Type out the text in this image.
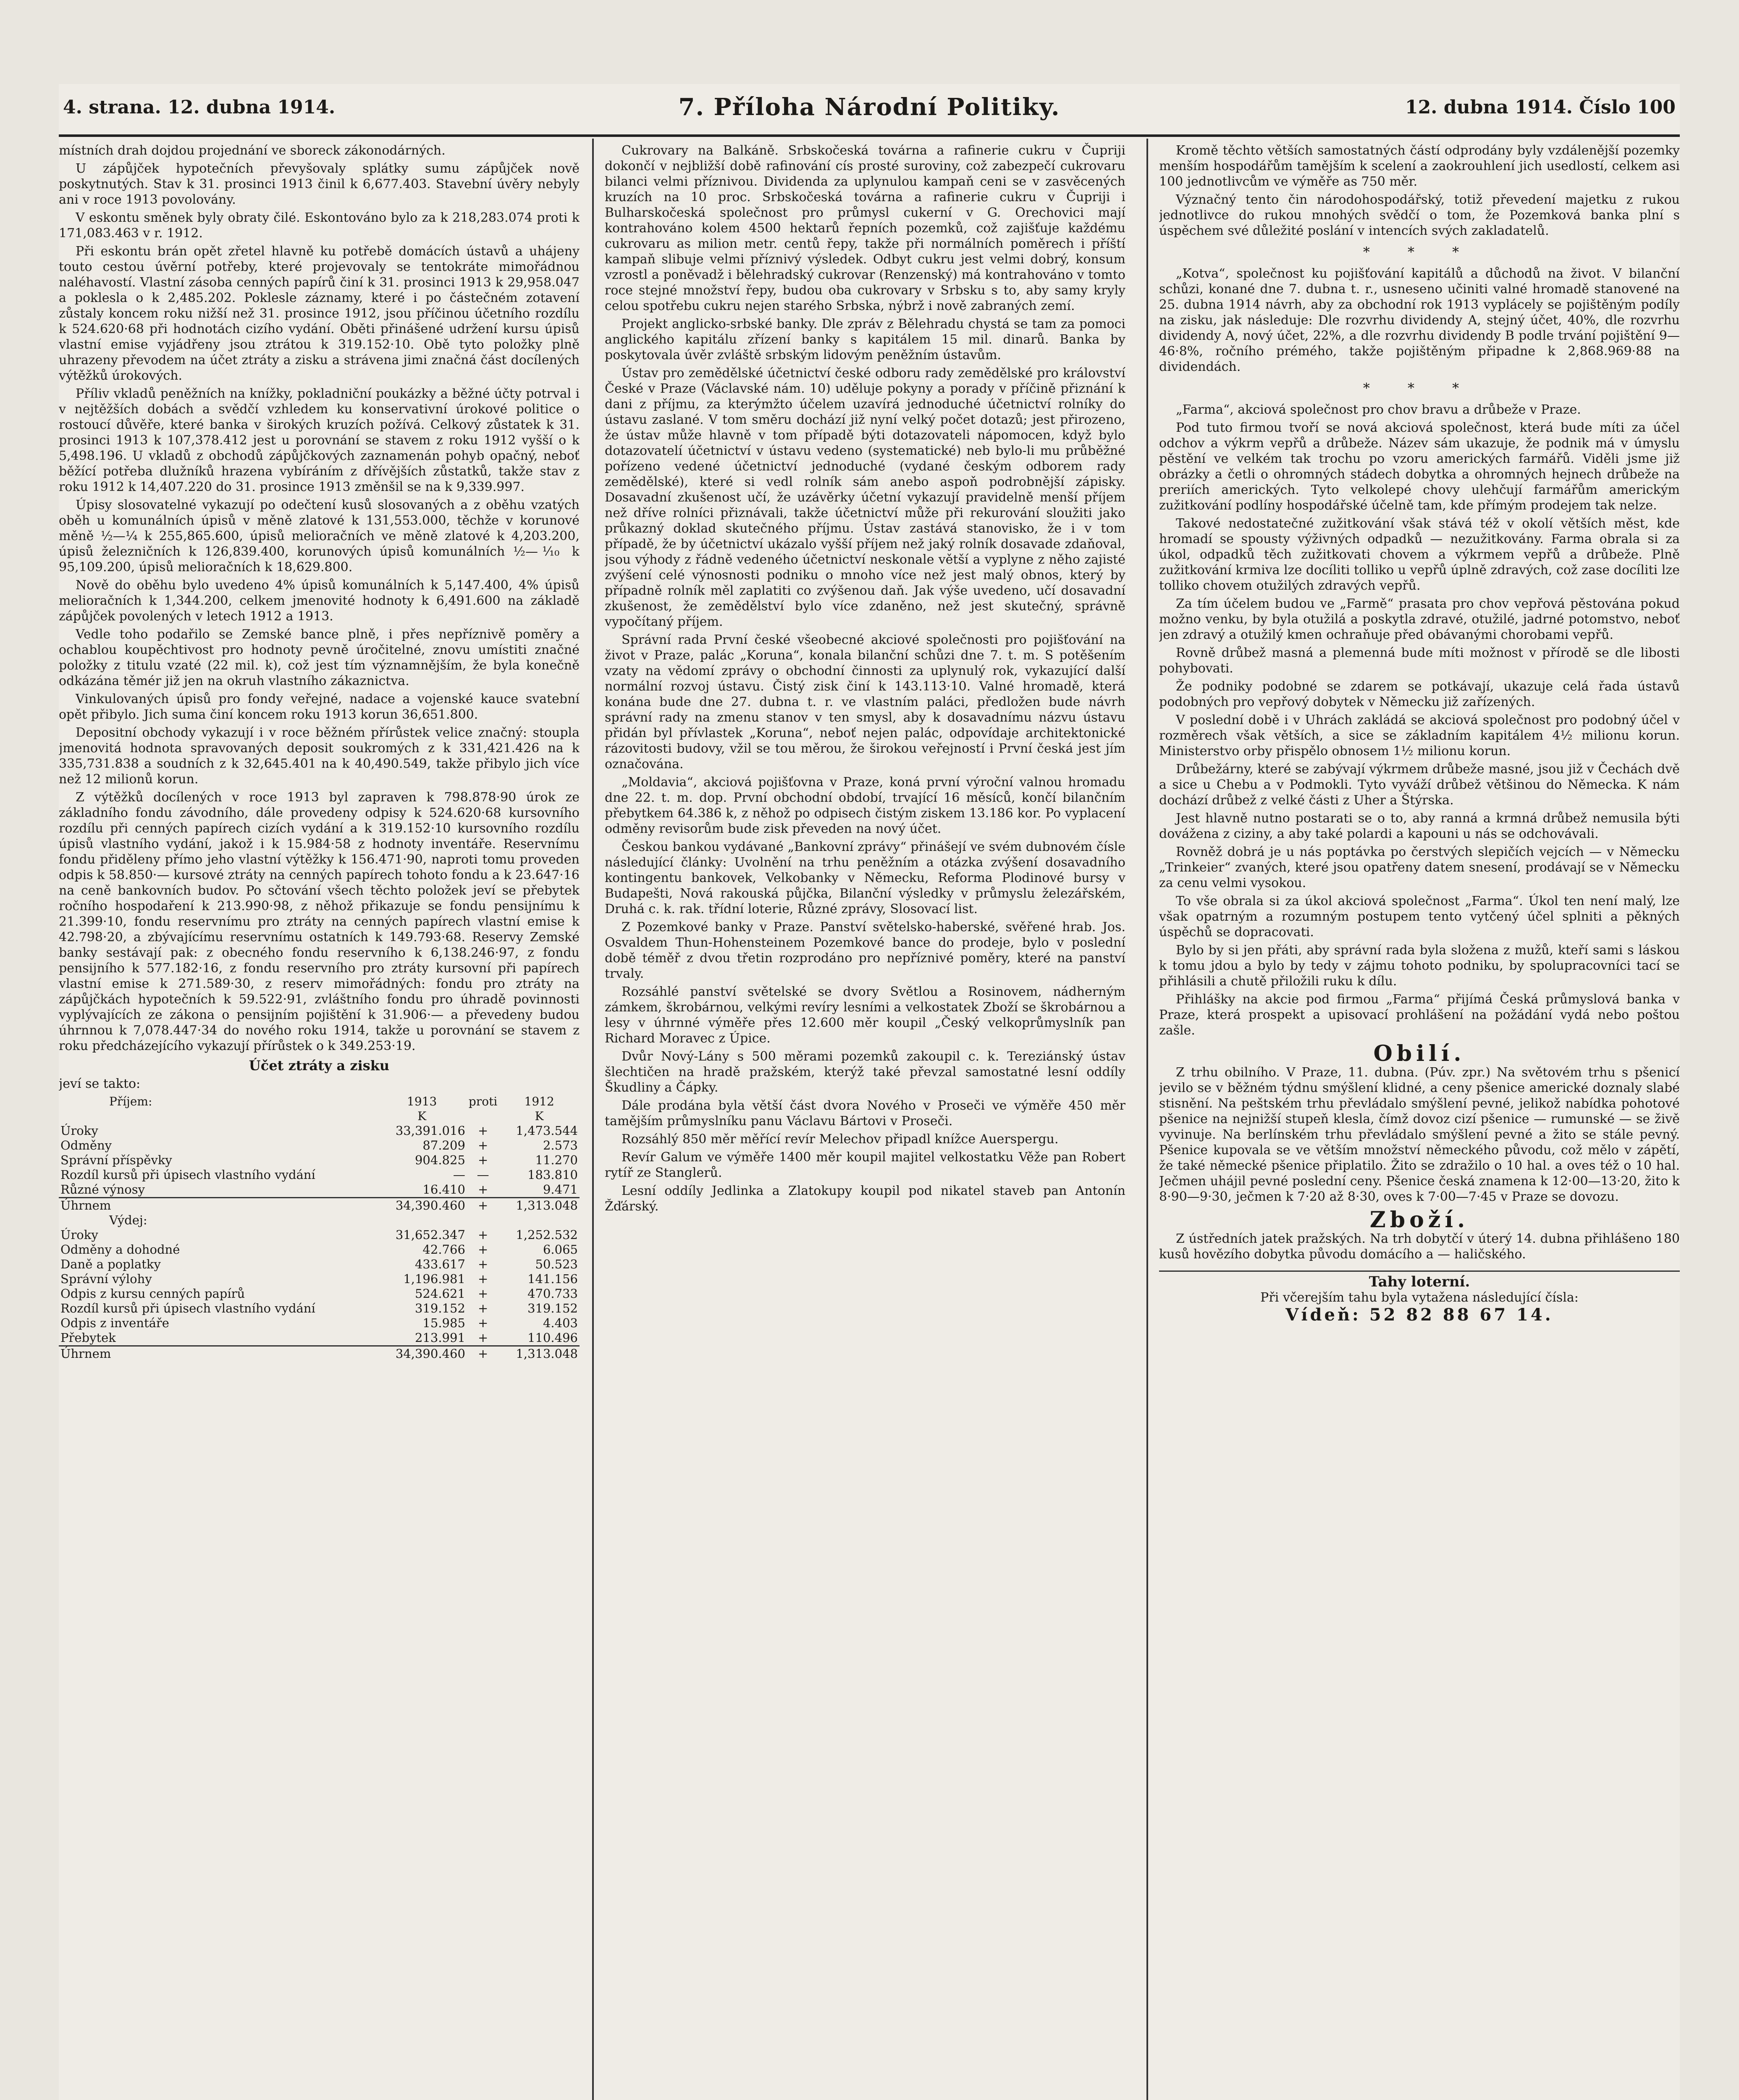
4. strana. 12. dubna 1914.	7. Příloha Národní Politiky.	12. dubna 1914. Číslo 100

místních drah dojdou projednání ve sboreck zákonodárných.

U zápůjček hypotečních převyšovaly splátky sumu zápůjček nově poskytnutých. Stav k 31. prosinci 1913 činil k 6,677.403. Stavební úvěry nebyly ani v roce 1913 povolovány.

V eskontu směnek byly obraty čilé. Eskontováno bylo za k 218,283.074 proti k 171,083.463 v r. 1912.

Při eskontu brán opět zřetel hlavně ku potřebě domácích ústavů a uhájeny touto cestou úvěrní potřeby, které projevovaly se tentokráte mimořádnou naléhavostí. Vlastní zásoba cenných papírů činí k 31. prosinci 1913 k 29,958.047 a poklesla o k 2,485.202. Poklesle záznamy, které i po částečném zotavení zůstaly koncem roku nižší než 31. prosince 1912, jsou příčinou účetního rozdílu k 524.620·68 při hodnotách cizího vydání. Oběti přinášené udržení kursu úpisů vlastní emise vyjádřeny jsou ztrátou k 319.152·10. Obě tyto položky plně uhrazeny převodem na účet ztráty a zisku a strávena jimi značná část docílených výtěžků úrokových.

Příliv vkladů peněžních na knížky, pokladniční poukázky a běžné účty potrval i v nejtěžších dobách a svědčí vzhledem ku konservativní úrokové politice o rostoucí důvěře, které banka v širokých kruzích požívá. Celkový zůstatek k 31. prosinci 1913 k 107,378.412 jest u porovnání se stavem z roku 1912 vyšší o k 5,498.196. U vkladů z obchodů zápůjčkových zaznamenán pohyb opačný, neboť běžící potřeba dlužníků hrazena vybíráním z dřívějších zůstatků, takže stav z roku 1912 k 14,407.220 do 31. prosince 1913 změnšil se na k 9,339.997.

Úpisy slosovatelné vykazují po odečtení kusů slosovaných a z oběhu vzatých oběh u komunálních úpisů v měně zlatové k 131,553.000, těchže v korunové měně ½—¼ k 255,865.600, úpisů melioračních ve měně zlatové k 4,203.200, úpisů železničních k 126,839.400, korunových úpisů komunálních ½—⅒ k 95,109.200, úpisů melioračních k 18,629.800.

Nově do oběhu bylo uvedeno 4% úpisů komunálních k 5,147.400, 4% úpisů melioračních k 1,344.200, celkem jmenovité hodnoty k 6,491.600 na základě zápůjček povolených v letech 1912 a 1913.

Vedle toho podařilo se Zemské bance plně, i přes nepříznivě poměry a ochablou koupěchtivost pro hodnoty pevně úročitelné, znovu umístiti značné položky z titulu vzaté (22 mil. k), což jest tím významnějším, že byla konečně odkázána těmér již jen na okruh vlastního zákaznictva.

Vinkulovaných úpisů pro fondy veřejné, nadace a vojenské kauce svatební opět přibylo. Jich suma činí koncem roku 1913 korun 36,651.800.

Depositní obchody vykazují i v roce běžném přírůstek velice značný: stoupla jmenovitá hodnota spravovaných deposit soukromých z k 331,421.426 na k 335,731.838 a soudních z k 32,645.401 na k 40,490.549, takže přibylo jich více než 12 milionů korun.

Z výtěžků docílených v roce 1913 byl zapraven k 798.878·90 úrok ze základního fondu závodního, dále provedeny odpisy k 524.620·68 kursovního rozdílu při cenných papírech cizích vydání a k 319.152·10 kursovního rozdílu úpisů vlastního vydání, jakož i k 15.984·58 z hodnoty inventáře. Reservnímu fondu přiděleny přímo jeho vlastní výtěžky k 156.471·90, naproti tomu proveden odpis k 58.850·— kursové ztráty na cenných papírech tohoto fondu a k 23.647·16 na ceně bankovních budov. Po sčtování všech těchto položek jeví se přebytek ročního hospodaření k 213.990·98, z něhož přikazuje se fondu pensijnímu k 21.399·10, fondu reservnímu pro ztráty na cenných papírech vlastní emise k 42.798·20, a zbývajícímu reservnímu ostatních k 149.793·68. Reservy Zemské banky sestávají pak: z obecného fondu reservního k 6,138.246·97, z fondu pensijního k 577.182·16, z fondu reservního pro ztráty kursovní při papírech vlastní emise k 271.589·30, z reserv mimořádných: fondu pro ztráty na zápůjčkách hypotečních k 59.522·91, zvláštního fondu pro úhradě povinnosti vyplývajících ze zákona o pensijním pojištění k 31.906·— a převedeny budou úhrnnou k 7,078.447·34 do nového roku 1914, takže u porovnání se stavem z roku předcházejícího vykazují přírůstek o k 349.253·19.

Účet ztráty a zisku

jeví se takto:

Příjem:	1913
K	proti	1912
K
Úroky	33,391.016	+	1,473.544
Odměny	87.209	+	2.573
Správní příspěvky	904.825	+	11.270
Rozdíl kursů při úpisech vlastního vydání	—	—	183.810
Různé výnosy	16.410	+	9.471
Úhrnem	34,390.460	+	1,313.048
Výdej:			
Úroky	31,652.347	+	1,252.532
Odměny a dohodné	42.766	+	6.065
Daně a poplatky	433.617	+	50.523
Správní výlohy	1,196.981	+	141.156
Odpis z kursu cenných papírů	524.621	+	470.733
Rozdíl kursů při úpisech vlastního vydání	319.152	+	319.152
Odpis z inventáře	15.985	+	4.403
Přebytek	213.991	+	110.496
Úhrnem	34,390.460	+	1,313.048

Cukrovary na Balkáně. Srbskočeská továrna a rafinerie cukru v Čupriji dokončí v nejbližší době rafinování cís prosté suroviny, což zabezpečí cukrovaru bilanci velmi příznivou. Dividenda za uplynulou kampaň ceni se v zasvěcených kruzích na 10 proc. Srbskočeská továrna a rafinerie cukru v Čupriji i Bulharskočeská společnost pro průmysl cukerní v G. Orechovici mají kontrahováno kolem 4500 hektarů řepních pozemků, což zajišťuje každému cukrovaru as milion metr. centů řepy, takže při normálních poměrech i příští kampaň slibuje velmi příznivý výsledek. Odbyt cukru jest velmi dobrý, konsum vzrostl a poněvadž i bělehradský cukrovar (Renzenský) má kontrahováno v tomto roce stejné množství řepy, budou oba cukrovary v Srbsku s to, aby samy kryly celou spotřebu cukru nejen starého Srbska, nýbrž i nově zabraných zemí.

Projekt anglicko-srbské banky. Dle zpráv z Bělehradu chystá se tam za pomoci anglického kapitálu zřízení banky s kapitálem 15 mil. dinarů. Banka by poskytovala úvěr zvláště srbským lidovým peněžním ústavům.

Ústav pro zemědělské účetnictví české odboru rady zemědělské pro království České v Praze (Václavské nám. 10) uděluje pokyny a porady v příčině přiznání k dani z příjmu, za kterýmžto účelem uzavírá jednoduché účetnictví rolníky do ústavu zaslané. V tom směru dochází již nyní velký počet dotazů; jest přirozeno, že ústav může hlavně v tom případě býti dotazovateli nápomocen, když bylo dotazovatelí účetnictví v ústavu vedeno (systematické) neb bylo-li mu průběžné pořízeno vedené účetnictví jednoduché (vydané českým odborem rady zemědělské), které si vedl rolník sám anebo aspoň podrobnější zápisky. Dosavadní zkušenost učí, že uzávěrky účetní vykazují pravidelně menší příjem než dříve rolníci přiznávali, takže účetnictví může při rekurování sloužiti jako průkazný doklad skutečného příjmu. Ústav zastává stanovisko, že i v tom případě, že by účetnictví ukázalo vyšší příjem než jaký rolník dosavade zdaňoval, jsou výhody z řádně vedeného účetnictví neskonale větší a vyplyne z něho zajisté zvýšení celé výnosnosti podniku o mnoho více než jest malý obnos, který by případně rolník měl zaplatiti co zvýšenou daň. Jak výše uvedeno, učí dosavadní zkušenost, že zemědělství bylo více zdaněno, než jest skutečný, správně vypočítaný příjem.

Správní rada První české všeobecné akciové společnosti pro pojišťování na život v Praze, palác „Koruna“, konala bilanční schůzi dne 7. t. m. S potěšením vzaty na vědomí zprávy o obchodní činnosti za uplynulý rok, vykazující další normální rozvoj ústavu. Čistý zisk činí k 143.113·10. Valné hromadě, která konána bude dne 27. dubna t. r. ve vlastním paláci, předložen bude návrh správní rady na zmenu stanov v ten smysl, aby k dosavadnímu názvu ústavu přidán byl přívlastek „Koruna“, neboť nejen palác, odpovídaje architektonické rázovitosti budovy, vžil se tou měrou, že širokou veřejností i První česká jest jím označována.

„Moldavia“, akciová pojišťovna v Praze, koná první výroční valnou hromadu dne 22. t. m. dop. První obchodní období, trvající 16 měsíců, končí bilančním přebytkem 64.386 k, z něhož po odpisech čistým ziskem 13.186 kor. Po vyplacení odměny revisorům bude zisk převeden na nový účet.

Českou bankou vydávané „Bankovní zprávy“ přinášejí ve svém dubnovém čísle následující články: Uvolnění na trhu peněžním a otázka zvýšení dosavadního kontingentu bankovek, Velkobanky v Německu, Reforma Plodinové bursy v Budapešti, Nová rakouská půjčka, Bilanční výsledky v průmyslu železářském, Druhá c. k. rak. třídní loterie, Různé zprávy, Slosovací list.

Z Pozemkové banky v Praze. Panství světelsko-haberské, svěřené hrab. Jos. Osvaldem Thun-Hohensteinem Pozemkové bance do prodeje, bylo v poslední době téměř z dvou třetin rozprodáno pro nepříznivé poměry, které na panství trvaly.

Rozsáhlé panství světelské se dvory Světlou a Rosinovem, nádherným zámkem, škrobárnou, velkými revíry lesními a velkostatek Zboží se škrobárnou a lesy v úhrnné výměře přes 12.600 měr koupil „Český velkoprůmyslník pan Richard Moravec z Úpice.

Dvůr Nový-Lány s 500 měrami pozemků zakoupil c. k. Tereziánský ústav šlechtičen na hradě pražském, kterýž také převzal samostatné lesní oddíly Škudliny a Čápky.

Dále prodána byla větší část dvora Nového v Proseči ve výměře 450 měr tamějším průmyslníku panu Václavu Bártovi v Proseči.

Rozsáhlý 850 měr měřící revír Melechov připadl knížce Auerspergu.

Revír Galum ve výměře 1400 měr koupil majitel velkostatku Věže pan Robert rytíř ze Stanglerů.

Lesní oddíly Jedlinka a Zlatokupy koupil pod nikatel staveb pan Antonín Žďárský.

Kromě těchto větších samostatných částí odprodány byly vzdálenější pozemky menším hospodářům tamějším k scelení a zaokrouhlení jich usedlostí, celkem asi 100 jednotlivcům ve výměře as 750 měr.

Význačný tento čin národohospodářský, totiž převedení majetku z rukou jednotlivce do rukou mnohých svědčí o tom, že Pozemková banka plní s úspěchem své důležité poslání v intencích svých zakladatelů.

* * *

„Kotva“, společnost ku pojišťování kapitálů a důchodů na život. V bilanční schůzi, konané dne 7. dubna t. r., usneseno učiniti valné hromadě stanovené na 25. dubna 1914 návrh, aby za obchodní rok 1913 vyplácely se pojištěným podíly na zisku, jak následuje: Dle rozvrhu dividendy A, stejný účet, 40%, dle rozvrhu dividendy A, nový účet, 22%, a dle rozvrhu dividendy B podle trvání pojištění 9—46·8%, ročního prémého, takže pojištěným připadne k 2,868.969·88 na dividendách.

* * *

„Farma“, akciová společnost pro chov bravu a drůbeže v Praze.

Pod tuto firmou tvoří se nová akciová společnost, která bude míti za účel odchov a výkrm vepřů a drůbeže. Název sám ukazuje, že podnik má v úmyslu pěstění ve velkém tak trochu po vzoru amerických farmářů. Viděli jsme již obrázky a četli o ohromných stádech dobytka a ohromných hejnech drůbeže na preriích amerických. Tyto velkolepé chovy ulehčují farmářům americkým zužitkování podlíny hospodářské účelně tam, kde přímým prodejem tak nelze.

Takové nedostatečné zužitkování však stává též v okolí větších měst, kde hromadí se spousty výživných odpadků — nezužitkovány. Farma obrala si za úkol, odpadků těch zužitkovati chovem a výkrmem vepřů a drůbeže. Plně zužitkování krmiva lze docíliti tolliko u vepřů úplně zdravých, což zase docíliti lze tolliko chovem otužilých zdravých vepřů.

Za tím účelem budou ve „Farmě“ prasata pro chov vepřová pěstována pokud možno venku, by byla otužilá a poskytla zdravé, otužilé, jadrné potomstvo, neboť jen zdravý a otužilý kmen ochraňuje před obávanými chorobami vepřů.

Rovně drůbež masná a plemenná bude míti možnost v přírodě se dle libosti pohybovati.

Že podniky podobné se zdarem se potkávají, ukazuje celá řada ústavů podobných pro vepřový dobytek v Německu již zařízených.

V poslední době i v Uhrách zakládá se akciová společnost pro podobný účel v rozměrech však větších, a sice se základním kapitálem 4½ milionu korun. Ministerstvo orby přispělo obnosem 1½ milionu korun.

Drůbežárny, které se zabývají výkrmem drůbeže masné, jsou již v Čechách dvě a sice u Chebu a v Podmokli. Tyto vyváží drůbež většinou do Německa. K nám dochází drůbež z velké části z Uher a Štýrska.

Jest hlavně nutno postarati se o to, aby ranná a krmná drůbež nemusila býti dovážena z ciziny, a aby také polardi a kapouni u nás se odchovávali.

Rovněž dobrá je u nás poptávka po čerstvých slepičích vejcích — v Německu „Trinkeier“ zvaných, které jsou opatřeny datem snesení, prodávají se v Německu za cenu velmi vysokou.

To vše obrala si za úkol akciová společnost „Farma“. Úkol ten není malý, lze však opatrným a rozumným postupem tento vytčený účel splniti a pěkných úspěchů se dopracovati.

Bylo by si jen přáti, aby správní rada byla složena z mužů, kteří sami s láskou k tomu jdou a bylo by tedy v zájmu tohoto podniku, by spolupracovníci tací se přihlásili a chutě přiložili ruku k dílu.

Přihlášky na akcie pod firmou „Farma“ přijímá Česká průmyslová banka v Praze, která prospekt a upisovací prohlášení na požádání vydá nebo poštou zašle.

Obilí.

Z trhu obilního. V Praze, 11. dubna. (Púv. zpr.) Na světovém trhu s pšenicí jevilo se v běžném týdnu smýšlení klidné, a ceny pšenice americké doznaly slabé stisnění. Na peštském trhu převládalo smýšlení pevné, jelikož nabídka pohotové pšenice na nejnižší stupeň klesla, čímž dovoz cizí pšenice — rumunské — se živě vyvinuje. Na berlínském trhu převládalo smýšlení pevné a žito se stále pevný. Pšenice kupovala se ve větším množství německého původu, což mělo v zápětí, že také německé pšenice připlatilo. Žito se zdražilo o 10 hal. a oves též o 10 hal. Ječmen uhájil pevné poslední ceny. Pšenice česká znamena k 12·00—13·20, žito k 8·90—9·30, ječmen k 7·20 až 8·30, oves k 7·00—7·45 v Praze se dovozu.

Zboží.

Z ústředních jatek pražských. Na trh dobytčí v úterý 14. dubna přihlášeno 180 kusů hovězího dobytka původu domácího a — haličského.

Tahy loterní.
Při včerejším tahu byla vytažena následující čísla:
Vídeň: 52 82 88 67 14.
